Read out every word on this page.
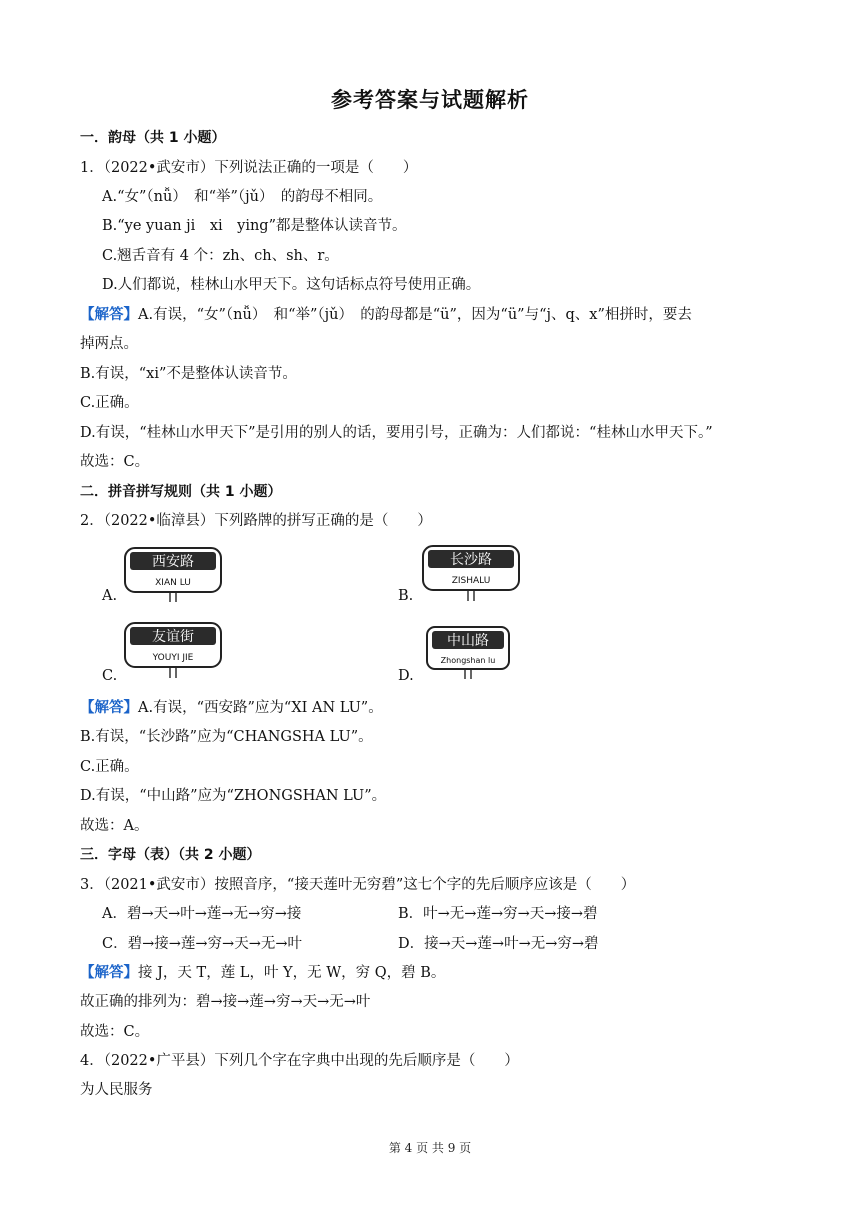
参考答案与试题解析
一．韵母（共 1 小题）
1．（2022•武安市）下列说法正确的一项是（　　）
A.“女”（nǚ）　和“举”（jǔ）　的韵母不相同。
B.“ye yuan ji　xi　ying”都是整体认读音节。
C.翘舌音有 4 个：zh、ch、sh、r。
D.人们都说，桂林山水甲天下。这句话标点符号使用正确。
【解答】A.有误，“女”（nǚ）　和“举”（jǔ）　的韵母都是“ü”，因为“ü”与“j、q、x”相拼时，要去
掉两点。
B.有误，“xi”不是整体认读音节。
C.正确。
D.有误，“桂林山水甲天下”是引用的别人的话，要用引号，正确为：人们都说：“桂林山水甲天下。”
故选：C。
二．拼音拼写规则（共 1 小题）
2．（2022•临漳县）下列路牌的拼写正确的是（　　）
A.	B.
C.	D.
西安路
XIAN LU
长沙路
ZISHALU
友谊街
YOUYI JIE
中山路
Zhongshan lu
【解答】A.有误，“西安路”应为“XI AN LU”。
B.有误，“长沙路”应为“CHANGSHA LU”。
C.正确。
D.有误，“中山路”应为“ZHONGSHAN LU”。
故选：A。
三．字母（表）（共 2 小题）
3．（2021•武安市）按照音序，“接天莲叶无穷碧”这七个字的先后顺序应该是（　　）
A．碧→天→叶→莲→无→穷→接	B．叶→无→莲→穷→天→接→碧
C．碧→接→莲→穷→天→无→叶	D．接→天→莲→叶→无→穷→碧
【解答】接 J，天 T，莲 L，叶 Y，无 W，穷 Q，碧 B。
故正确的排列为：碧→接→莲→穷→天→无→叶
故选：C。
4．（2022•广平县）下列几个字在字典中出现的先后顺序是（　　）
为人民服务
第 4 页 共 9 页
